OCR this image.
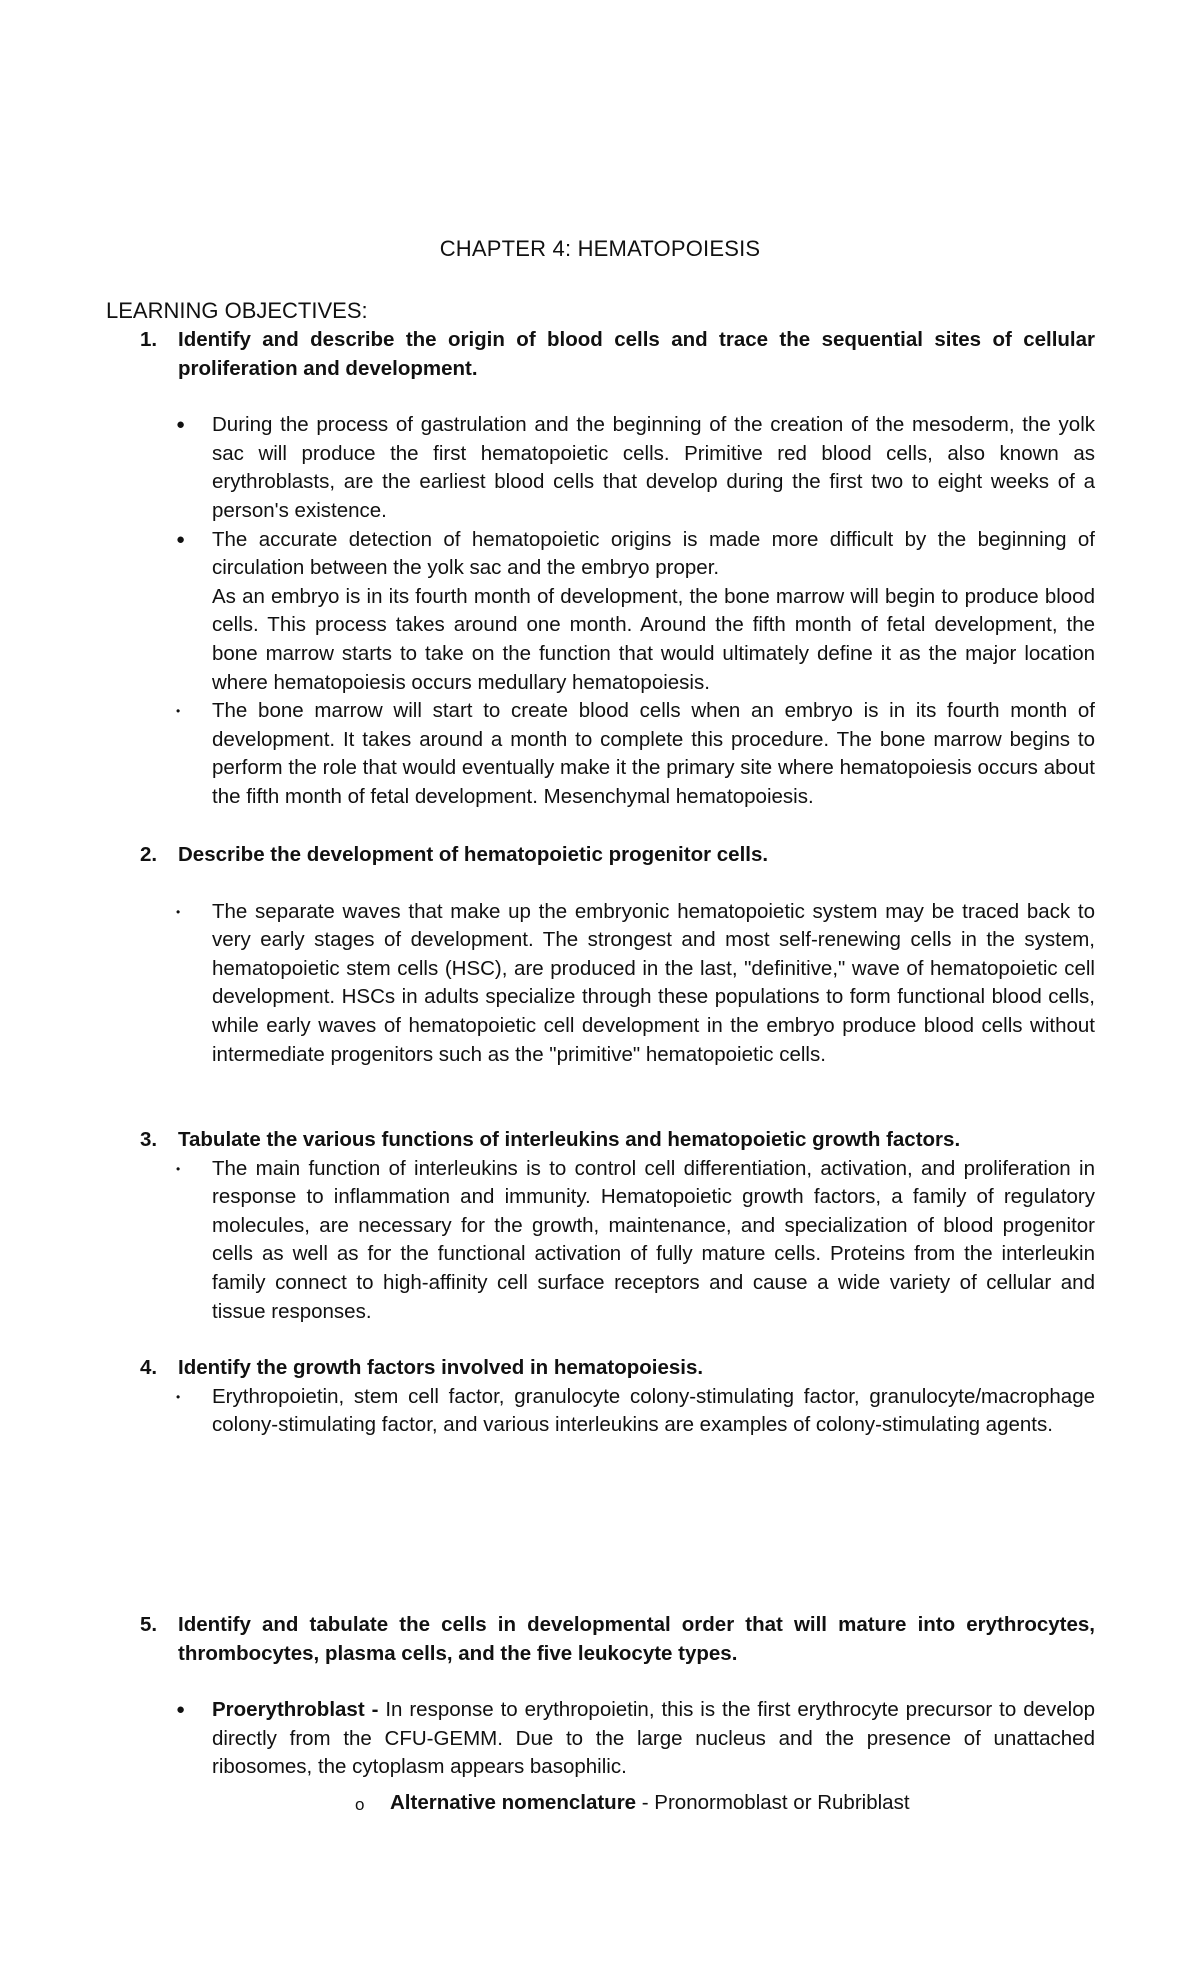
CHAPTER 4: HEMATOPOIESIS
LEARNING OBJECTIVES:

1. Identify and describe the origin of blood cells and trace the sequential sites of cellular proliferation and development.

● During the process of gastrulation and the beginning of the creation of the mesoderm, the yolk sac will produce the first hematopoietic cells. Primitive red blood cells, also known as erythroblasts, are the earliest blood cells that develop during the first two to eight weeks of a person's existence.
● The accurate detection of hematopoietic origins is made more difficult by the beginning of circulation between the yolk sac and the embryo proper.

As an embryo is in its fourth month of development, the bone marrow will begin to produce blood cells. This process takes around one month. Around the fifth month of fetal development, the bone marrow starts to take on the function that would ultimately define it as the major location where hematopoiesis occurs medullary hematopoiesis.

• The bone marrow will start to create blood cells when an embryo is in its fourth month of development. It takes around a month to complete this procedure. The bone marrow begins to perform the role that would eventually make it the primary site where hematopoiesis occurs about the fifth month of fetal development. Mesenchymal hematopoiesis.

2. Describe the development of hematopoietic progenitor cells.

• The separate waves that make up the embryonic hematopoietic system may be traced back to very early stages of development. The strongest and most self-renewing cells in the system, hematopoietic stem cells (HSC), are produced in the last, "definitive," wave of hematopoietic cell development. HSCs in adults specialize through these populations to form functional blood cells, while early waves of hematopoietic cell development in the embryo produce blood cells without intermediate progenitors such as the "primitive" hematopoietic cells.

3. Tabulate the various functions of interleukins and hematopoietic growth factors.

• The main function of interleukins is to control cell differentiation, activation, and proliferation in response to inflammation and immunity. Hematopoietic growth factors, a family of regulatory molecules, are necessary for the growth, maintenance, and specialization of blood progenitor cells as well as for the functional activation of fully mature cells. Proteins from the interleukin family connect to high-affinity cell surface receptors and cause a wide variety of cellular and tissue responses.

4. Identify the growth factors involved in hematopoiesis.

• Erythropoietin, stem cell factor, granulocyte colony-stimulating factor, granulocyte/macrophage colony-stimulating factor, and various interleukins are examples of colony-stimulating agents.

5. Identify and tabulate the cells in developmental order that will mature into erythrocytes, thrombocytes, plasma cells, and the five leukocyte types.

● Proerythroblast - In response to erythropoietin, this is the first erythrocyte precursor to develop directly from the CFU-GEMM. Due to the large nucleus and the presence of unattached ribosomes, the cytoplasm appears basophilic.

o Alternative nomenclature - Pronormoblast or Rubriblast
